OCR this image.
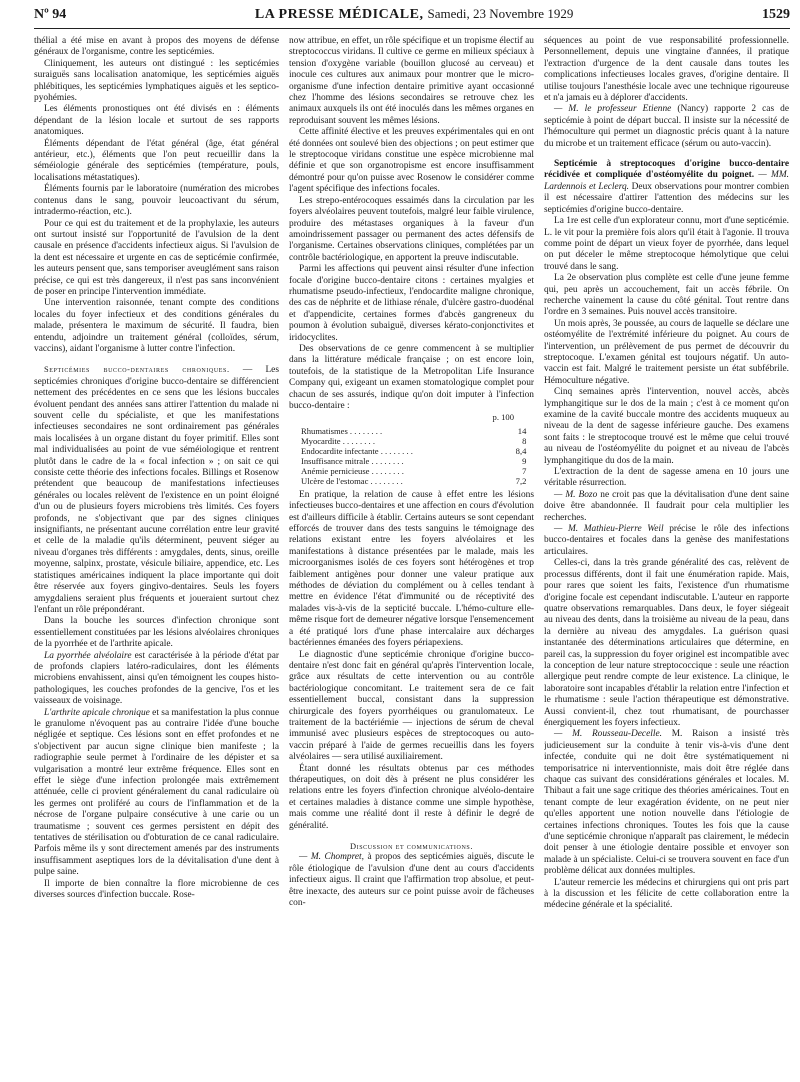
Nº 94	LA PRESSE MÉDICALE, Samedi, 23 Novembre 1929	1529

thélial a été mise en avant à propos des moyens de défense généraux de l'organisme, contre les septicémies.

Cliniquement, les auteurs ont distingué : les septicémies suraiguës sans localisation anatomique, les septicémies aiguës phlébitiques, les septicémies lymphatiques aiguës et les septico-pyohémies.

Les éléments pronostiques ont été divisés en : éléments dépendant de la lésion locale et surtout de ses rapports anatomiques.

Éléments dépendant de l'état général (âge, état général antérieur, etc.), éléments que l'on peut recueillir dans la séméiologie générale des septicémies (température, pouls, localisations métastatiques).

Éléments fournis par le laboratoire (numération des microbes contenus dans le sang, pouvoir leucoactivant du sérum, intradermo-réaction, etc.).

Pour ce qui est du traitement et de la prophylaxie, les auteurs ont surtout insisté sur l'opportunité de l'avulsion de la dent causale en présence d'accidents infectieux aigus. Si l'avulsion de la dent est nécessaire et urgente en cas de septicémie confirmée, les auteurs pensent que, sans temporiser aveuglément sans raison précise, ce qui est très dangereux, il n'est pas sans inconvénient de poser en principe l'intervention immédiate.

Une intervention raisonnée, tenant compte des conditions locales du foyer infectieux et des conditions générales du malade, présentera le maximum de sécurité. Il faudra, bien entendu, adjoindre un traitement général (colloïdes, sérum, vaccins), aidant l'organisme à lutter contre l'infection.

Septicémies bucco-dentaires chroniques. — Les septicémies chroniques d'origine bucco-dentaire se différencient nettement des précédentes en ce sens que les lésions buccales évoluent pendant des années sans attirer l'attention du malade ni souvent celle du spécialiste, et que les manifestations infectieuses secondaires ne sont ordinairement pas générales mais localisées à un organe distant du foyer primitif. Elles sont mal individualisées au point de vue séméiologique et rentrent plutôt dans le cadre de la « focal infection » ; on sait ce qui consiste cette théorie des infections focales. Billings et Rosenow prétendent que beaucoup de manifestations infectieuses générales ou locales relèvent de l'existence en un point éloigné d'un ou de plusieurs foyers microbiens très limités. Ces foyers profonds, ne s'objectivant que par des signes cliniques insignifiants, ne présentant aucune corrélation entre leur gravité et celle de la maladie qu'ils déterminent, peuvent siéger au niveau d'organes très différents : amygdales, dents, sinus, oreille moyenne, salpinx, prostate, vésicule biliaire, appendice, etc. Les statistiques américaines indiquent la place importante qui doit être réservée aux foyers gingivo-dentaires. Seuls les foyers amygdaliens seraient plus fréquents et joueraient surtout chez l'enfant un rôle prépondérant.

Dans la bouche les sources d'infection chronique sont essentiellement constituées par les lésions alvéolaires chroniques de la pyorrhée et de l'arthrite apicale.

La pyorrhée alvéolaire est caractérisée à la période d'état par de profonds clapiers latéro-radiculaires, dont les éléments microbiens envahissent, ainsi qu'en témoignent les coupes histo-pathologiques, les couches profondes de la gencive, l'os et les vaisseaux de voisinage.

L'arthrite apicale chronique et sa manifestation la plus connue le granulome n'évoquent pas au contraire l'idée d'une bouche négligée et septique. Ces lésions sont en effet profondes et ne s'objectivent par aucun signe clinique bien manifeste ; la radiographie seule permet à l'ordinaire de les dépister et sa vulgarisation a montré leur extrême fréquence. Elles sont en effet le siège d'une infection prolongée mais extrêmement atténuée, celle ci provient généralement du canal radiculaire où les germes ont proliféré au cours de l'inflammation et de la nécrose de l'organe pulpaire consécutive à une carie ou un traumatisme ; souvent ces germes persistent en dépit des tentatives de stérilisation ou d'obturation de ce canal radiculaire. Parfois même ils y sont directement amenés par des instruments insuffisamment aseptiques lors de la dévitalisation d'une dent à pulpe saine.

Il importe de bien connaître la flore microbienne de ces diverses sources d'infection buccale. Rose-

now attribue, en effet, un rôle spécifique et un tropisme électif au streptococcus viridans. Il cultive ce germe en milieux spéciaux à tension d'oxygène variable (bouillon glucosé au cerveau) et inocule ces cultures aux animaux pour montrer que le micro-organisme d'une infection dentaire primitive ayant occasionné chez l'homme des lésions secondaires se retrouve chez les animaux auxquels ils ont été inoculés dans les mêmes organes en reproduisant souvent les mêmes lésions.

Cette affinité élective et les preuves expérimentales qui en ont été données ont soulevé bien des objections ; on peut estimer que le streptocoque viridans constitue une espèce microbienne mal définie et que son organotropisme est encore insuffisamment démontré pour qu'on puisse avec Rosenow le considérer comme l'agent spécifique des infections focales.

Les strepo-entérocoques essaimés dans la circulation par les foyers alvéolaires peuvent toutefois, malgré leur faible virulence, produire des métastases organiques à la faveur d'un amoindrissement passager ou permanent des actes défensifs de l'organisme. Certaines observations cliniques, complétées par un contrôle bactériologique, en apportent la preuve indiscutable.

Parmi les affections qui peuvent ainsi résulter d'une infection focale d'origine bucco-dentaire citons : certaines myalgies et rhumatisme pseudo-infectieux, l'endocardite maligne chronique, des cas de néphrite et de lithiase rénale, d'ulcère gastro-duodénal et d'appendicite, certaines formes d'abcès gangreneux du poumon à évolution subaiguë, diverses kérato-conjonctivites et iridocyclites.

Des observations de ce genre commencent à se multiplier dans la littérature médicale française ; on est encore loin, toutefois, de la statistique de la Metropolitan Life Insurance Company qui, exigeant un examen stomatologique complet pour chacun de ses assurés, indique qu'on doit imputer à l'infection bucco-dentaire :

p. 100

Rhumatismes . . . . . . . .	14
Myocardite . . . . . . . .	8
Endocardite infectante . . . . . . . .	8,4
Insuffisance mitrale . . . . . . . .	9
Anémie pernicieuse . . . . . . . .	7
Ulcère de l'estomac . . . . . . . .	7,2

En pratique, la relation de cause à effet entre les lésions infectieuses bucco-dentaires et une affection en cours d'évolution est d'ailleurs difficile à établir. Certains auteurs se sont cependant efforcés de trouver dans des tests sanguins le témoignage des relations existant entre les foyers alvéolaires et les manifestations à distance présentées par le malade, mais les microorganismes isolés de ces foyers sont hétérogènes et trop faiblement antigènes pour donner une valeur pratique aux méthodes de déviation du complément ou à celles tendant à mettre en évidence l'état d'immunité ou de réceptivité des malades vis-à-vis de la septicité buccale. L'hémo-culture elle-même risque fort de demeurer négative lorsque l'ensemencement a été pratiqué lors d'une phase intercalaire aux décharges bactériennes émanées des foyers périapexiens.

Le diagnostic d'une septicémie chronique d'origine bucco-dentaire n'est donc fait en général qu'après l'intervention locale, grâce aux résultats de cette intervention ou au contrôle bactériologique concomitant. Le traitement sera de ce fait essentiellement buccal, consistant dans la suppression chirurgicale des foyers pyorrhéiques ou granulomateux. Le traitement de la bactériémie — injections de sérum de cheval immunisé avec plusieurs espèces de streptocoques ou auto-vaccin préparé à l'aide de germes recueillis dans les foyers alvéolaires — sera utilisé auxiliairement.

Étant donné les résultats obtenus par ces méthodes thérapeutiques, on doit dès à présent ne plus considérer les relations entre les foyers d'infection chronique alvéolo-dentaire et certaines maladies à distance comme une simple hypothèse, mais comme une réalité dont il reste à définir le degré de généralité.

Discussion et communications.

— M. Chompret, à propos des septicémies aiguës, discute le rôle étiologique de l'avulsion d'une dent au cours d'accidents infectieux aigus. Il craint que l'affirmation trop absolue, et peut-être inexacte, des auteurs sur ce point puisse avoir de fâcheuses con-

séquences au point de vue responsabilité professionnelle. Personnellement, depuis une vingtaine d'années, il pratique l'extraction d'urgence de la dent causale dans toutes les complications infectieuses locales graves, d'origine dentaire. Il utilise toujours l'anesthésie locale avec une technique rigoureuse et n'a jamais eu à déplorer d'accidents.

— M. le professeur Etienne (Nancy) rapporte 2 cas de septicémie à point de départ buccal. Il insiste sur la nécessité de l'hémoculture qui permet un diagnostic précis quant à la nature du microbe et un traitement efficace (sérum ou auto-vaccin).

Septicémie à streptocoques d'origine bucco-dentaire récidivée et compliquée d'ostéomyélite du poignet. — MM. Lardennois et Leclerq. Deux observations pour montrer combien il est nécessaire d'attirer l'attention des médecins sur les septicémies d'origine bucco-dentaire.

La 1re est celle d'un explorateur connu, mort d'une septicémie. L. le vit pour la première fois alors qu'il était à l'agonie. Il trouva comme point de départ un vieux foyer de pyorrhée, dans lequel on put déceler le même streptocoque hémolytique que celui trouvé dans le sang.

La 2e observation plus complète est celle d'une jeune femme qui, peu après un accouchement, fait un accès fébrile. On recherche vainement la cause du côté génital. Tout rentre dans l'ordre en 3 semaines. Puis nouvel accès transitoire.

Un mois après, 3e poussée, au cours de laquelle se déclare une ostéomyélite de l'extrémité inférieure du poignet. Au cours de l'intervention, un prélèvement de pus permet de découvrir du streptocoque. L'examen génital est toujours négatif. Un auto-vaccin est fait. Malgré le traitement persiste un état subfébrile. Hémoculture négative.

Cinq semaines après l'intervention, nouvel accès, abcès lymphangitique sur le dos de la main ; c'est à ce moment qu'on examine de la cavité buccale montre des accidents muqueux au niveau de la dent de sagesse inférieure gauche. Des examens sont faits : le streptocoque trouvé est le même que celui trouvé au niveau de l'ostéomyélite du poignet et au niveau de l'abcès lymphangitique du dos de la main.

L'extraction de la dent de sagesse amena en 10 jours une véritable résurrection.

— M. Bozo ne croit pas que la dévitalisation d'une dent saine doive être abandonnée. Il faudrait pour cela multiplier les recherches.

— M. Mathieu-Pierre Weil précise le rôle des infections bucco-dentaires et focales dans la genèse des manifestations articulaires.

Celles-ci, dans la très grande généralité des cas, relèvent de processus différents, dont il fait une énumération rapide. Mais, pour rares que soient les faits, l'existence d'un rhumatisme d'origine focale est cependant indiscutable. L'auteur en rapporte quatre observations remarquables. Dans deux, le foyer siégeait au niveau des dents, dans la troisième au niveau de la peau, dans la dernière au niveau des amygdales. La guérison quasi instantanée des déterminations articulaires que détermine, en pareil cas, la suppression du foyer originel est incompatible avec la conception de leur nature streptococcique : seule une réaction allergique peut rendre compte de leur existence. La clinique, le laboratoire sont incapables d'établir la relation entre l'infection et le rhumatisme : seule l'action thérapeutique est démonstrative. Aussi convient-il, chez tout rhumatisant, de pourchasser énergiquement les foyers infectieux.

— M. Rousseau-Decelle. M. Raison a insisté très judicieusement sur la conduite à tenir vis-à-vis d'une dent infectée, conduite qui ne doit être systématiquement ni temporisatrice ni interventionniste, mais doit être réglée dans chaque cas suivant des considérations générales et locales. M. Thibaut a fait une sage critique des théories américaines. Tout en tenant compte de leur exagération évidente, on ne peut nier qu'elles apportent une notion nouvelle dans l'étiologie de certaines infections chroniques. Toutes les fois que la cause d'une septicémie chronique n'apparaît pas clairement, le médecin doit penser à une étiologie dentaire possible et envoyer son malade à un spécialiste. Celui-ci se trouvera souvent en face d'un problème délicat aux données multiples.

L'auteur remercie les médecins et chirurgiens qui ont pris part à la discussion et les félicite de cette collaboration entre la médecine générale et la spécialité.
